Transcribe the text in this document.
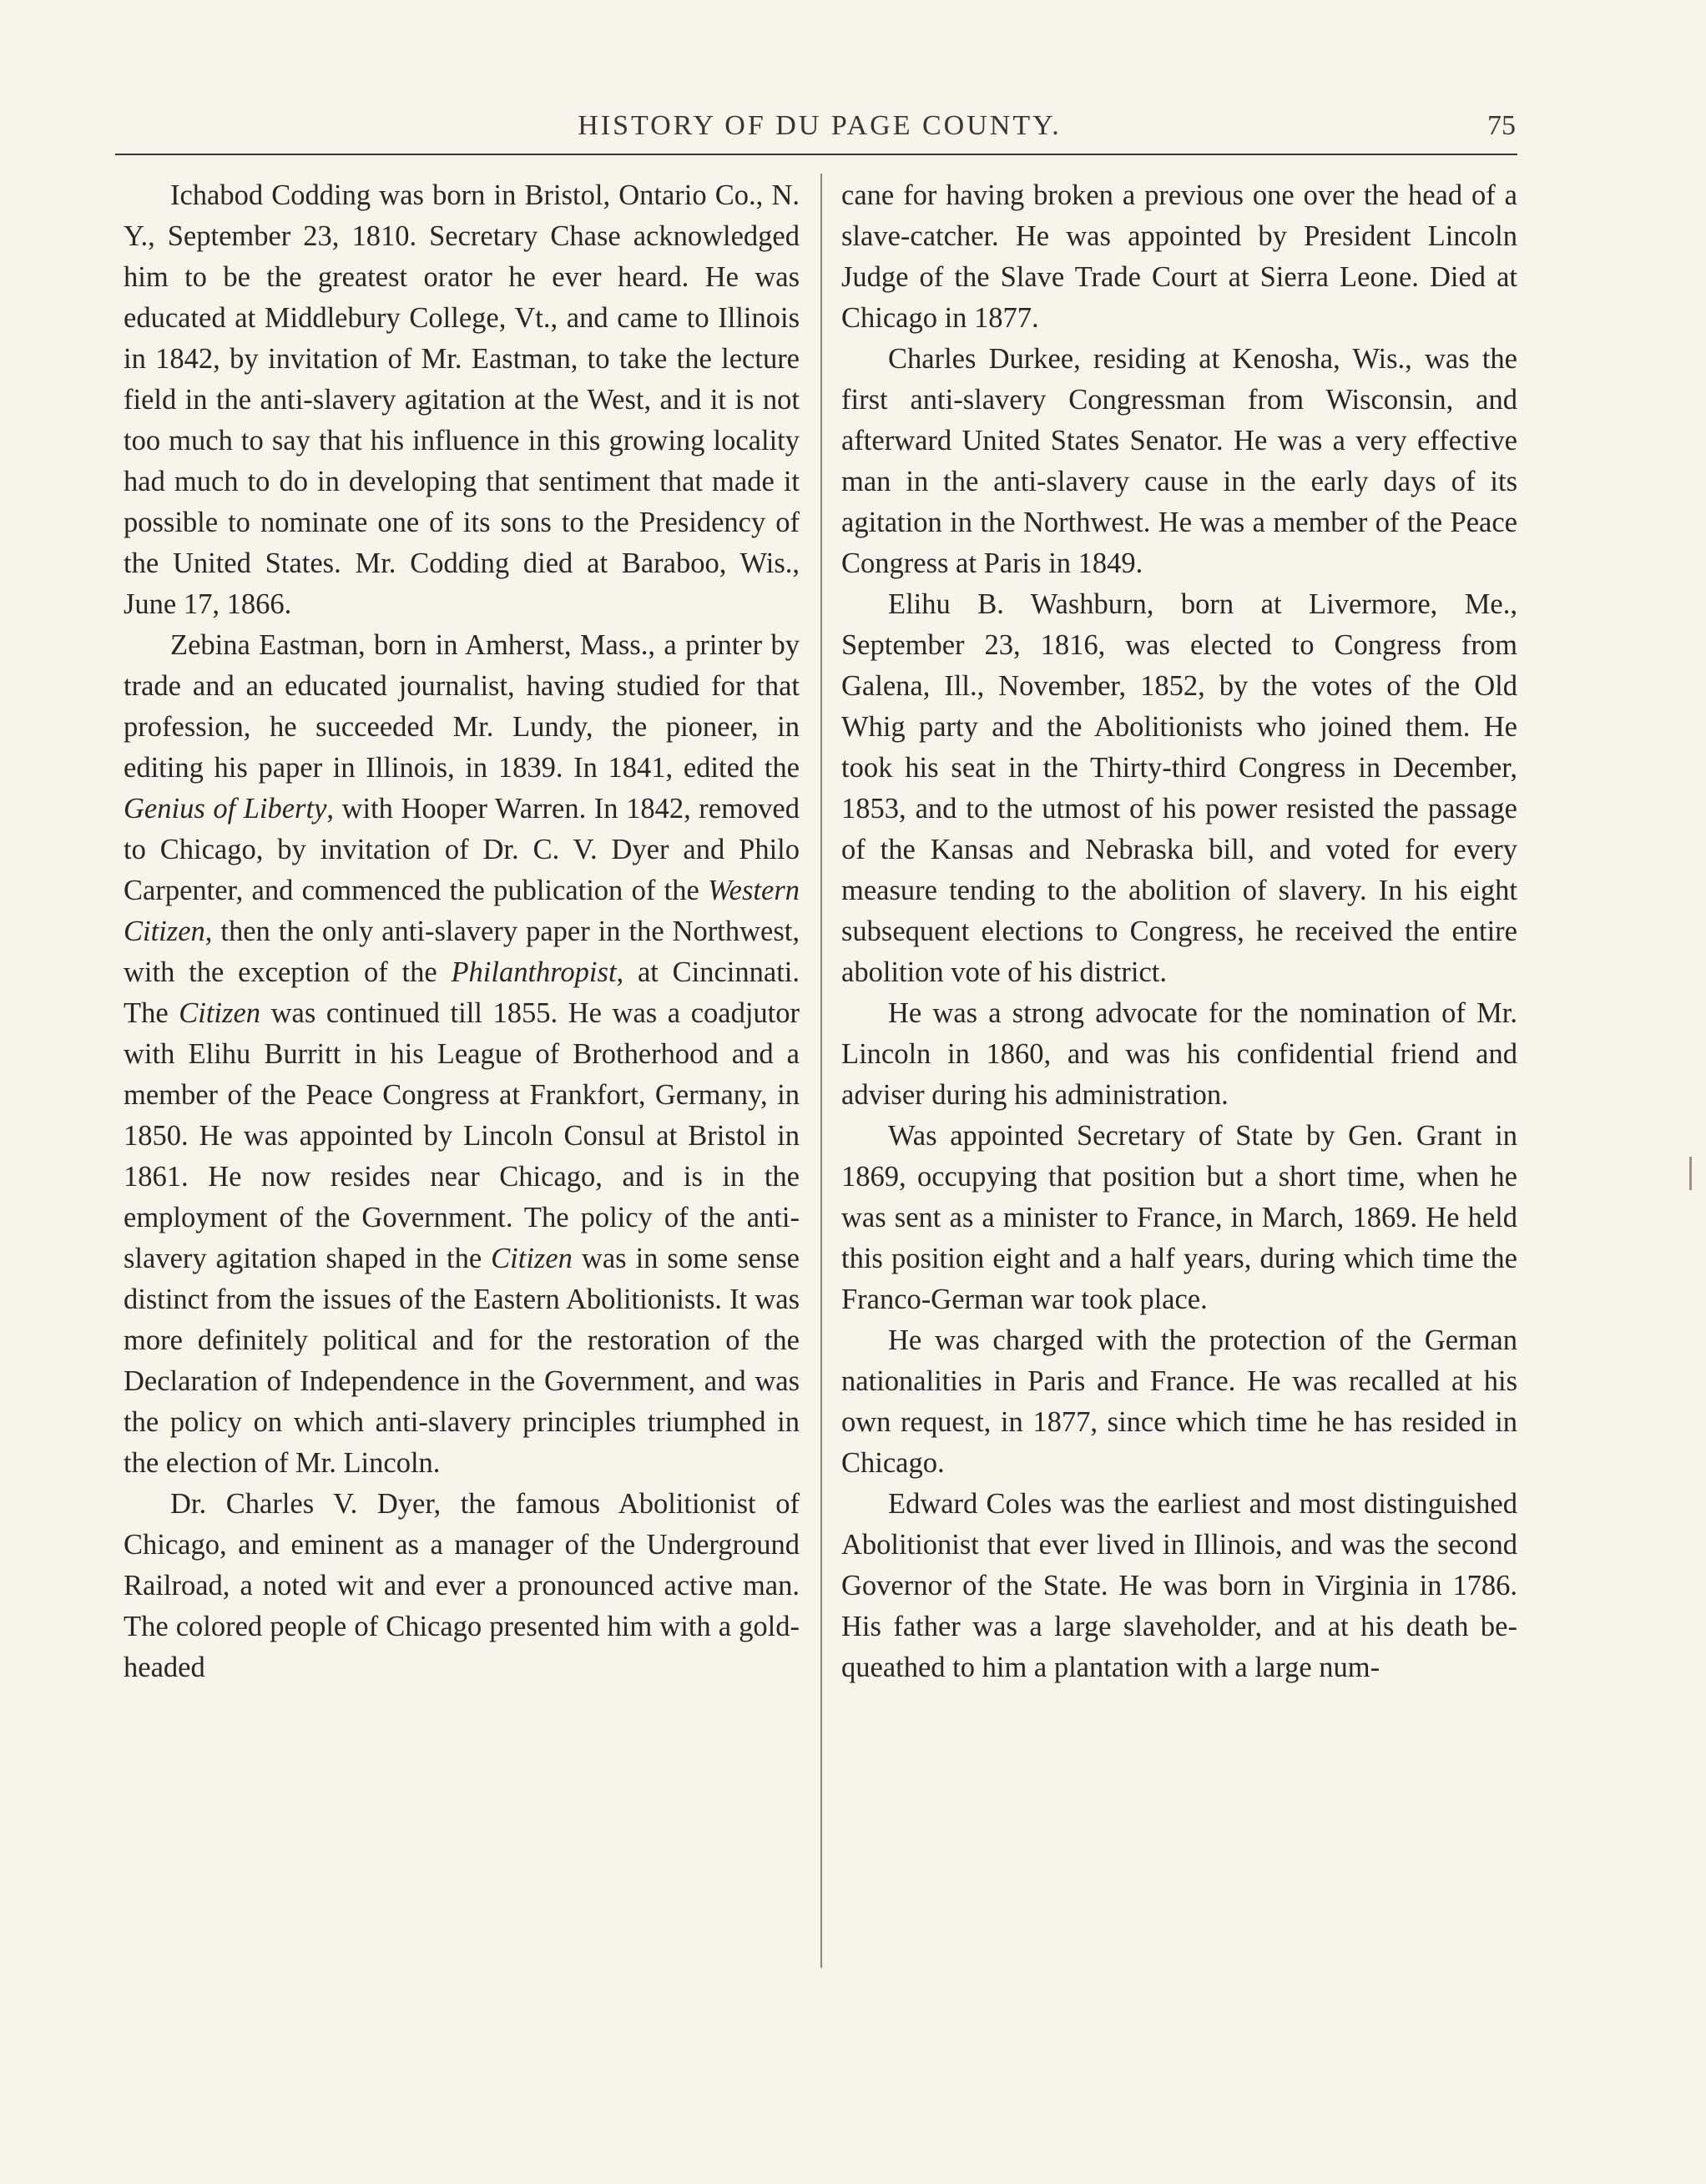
HISTORY OF DU PAGE COUNTY.	75

Ichabod Codding was born in Bristol, Ontario Co., N. Y., September 23, 1810. Secretary Chase acknowledged him to be the greatest orator he ever heard. He was educated at Middlebury College, Vt., and came to Illinois in 1842, by invitation of Mr. Eastman, to take the lecture field in the anti-slavery agitation at the West, and it is not too much to say that his influence in this growing locality had much to do in developing that sentiment that made it possible to nominate one of its sons to the Presidency of the United States. Mr. Codding died at Baraboo, Wis., June 17, 1866.

Zebina Eastman, born in Amherst, Mass., a printer by trade and an educated journalist, having studied for that profession, he succeeded Mr. Lundy, the pioneer, in editing his paper in Illinois, in 1839. In 1841, edited the Genius of Liberty, with Hooper Warren. In 1842, removed to Chicago, by invitation of Dr. C. V. Dyer and Philo Carpenter, and commenced the publication of the Western Citizen, then the only anti-slavery paper in the Northwest, with the exception of the Philanthropist, at Cincinnati. The Citizen was continued till 1855. He was a coadjutor with Elihu Burritt in his League of Brotherhood and a member of the Peace Congress at Frankfort, Germany, in 1850. He was appointed by Lincoln Consul at Bristol in 1861. He now resides near Chicago, and is in the employment of the Government. The policy of the anti-slavery agitation shaped in the Citizen was in some sense distinct from the issues of the Eastern Abolitionists. It was more definitely political and for the restoration of the Declaration of Independence in the Government, and was the policy on which anti-slavery principles triumphed in the election of Mr. Lincoln.

Dr. Charles V. Dyer, the famous Abolitionist of Chicago, and eminent as a manager of the Underground Railroad, a noted wit and ever a pronounced active man. The colored people of Chicago presented him with a gold-headed

cane for having broken a previous one over the head of a slave-catcher. He was appointed by President Lincoln Judge of the Slave Trade Court at Sierra Leone. Died at Chicago in 1877.

Charles Durkee, residing at Kenosha, Wis., was the first anti-slavery Congressman from Wisconsin, and afterward United States Senator. He was a very effective man in the anti-slavery cause in the early days of its agitation in the Northwest. He was a member of the Peace Congress at Paris in 1849.

Elihu B. Washburn, born at Livermore, Me., September 23, 1816, was elected to Congress from Galena, Ill., November, 1852, by the votes of the Old Whig party and the Abolitionists who joined them. He took his seat in the Thirty-third Congress in December, 1853, and to the utmost of his power resisted the passage of the Kansas and Nebraska bill, and voted for every measure tending to the abolition of slavery. In his eight subsequent elections to Congress, he received the entire abolition vote of his district.

He was a strong advocate for the nomination of Mr. Lincoln in 1860, and was his confidential friend and adviser during his administration.

Was appointed Secretary of State by Gen. Grant in 1869, occupying that position but a short time, when he was sent as a minister to France, in March, 1869. He held this position eight and a half years, during which time the Franco-German war took place.

He was charged with the protection of the German nationalities in Paris and France. He was recalled at his own request, in 1877, since which time he has resided in Chicago.

Edward Coles was the earliest and most distinguished Abolitionist that ever lived in Illinois, and was the second Governor of the State. He was born in Virginia in 1786. His father was a large slaveholder, and at his death bequeathed to him a plantation with a large num-
